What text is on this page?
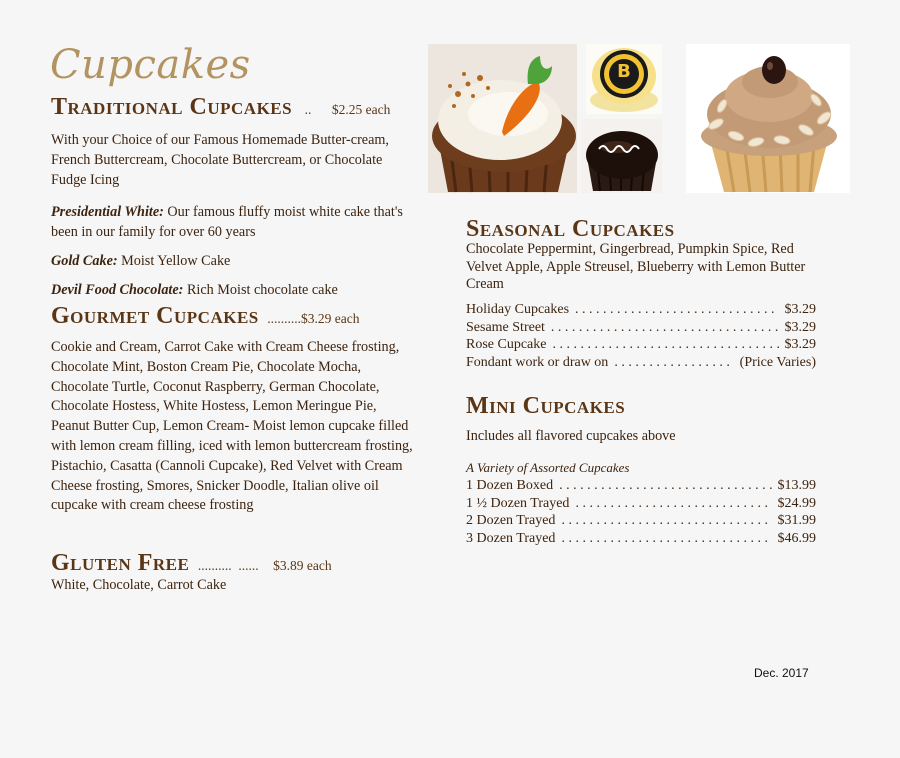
Cupcakes
Traditional Cupcakes .. $2.25 each
With your Choice of our Famous Homemade Butter-cream, French Buttercream, Chocolate Buttercream, or Chocolate Fudge Icing
Presidential White: Our famous fluffy moist white cake that's been in our family for over 60 years
Gold Cake: Moist Yellow Cake
Devil Food Chocolate: Rich Moist chocolate cake
Gourmet Cupcakes ..........$3.29 each
Cookie and Cream, Carrot Cake with Cream Cheese frosting, Chocolate Mint, Boston Cream Pie, Chocolate Mocha, Chocolate Turtle, Coconut Raspberry, German Chocolate, Chocolate Hostess, White Hostess, Lemon Meringue Pie, Peanut Butter Cup, Lemon Cream- Moist lemon cupcake filled with lemon cream filling, iced with lemon buttercream frosting, Pistachio, Casatta (Cannoli Cupcake), Red Velvet with Cream Cheese frosting, Smores, Snicker Doodle, Italian olive oil cupcake with cream cheese frosting
Gluten Free ..........  ...... $3.89 each
White, Chocolate, Carrot Cake
B
Seasonal Cupcakes
Chocolate Peppermint, Gingerbread, Pumpkin Spice, Red Velvet Apple, Apple Streusel, Blueberry with Lemon Butter Cream
Holiday Cupcakes . . .	$3.29
Sesame Street . . .	$3.29
Rose Cupcake . . .	$3.29
Fondant work or draw on . . .	(Price Varies)
Mini Cupcakes
Includes all flavored cupcakes above
A Variety of Assorted Cupcakes
1 Dozen Boxed . . .	$13.99
1 ½ Dozen Trayed . . .	$24.99
2 Dozen Trayed . . .	$31.99
3 Dozen Trayed . . .	$46.99
Dec. 2017
